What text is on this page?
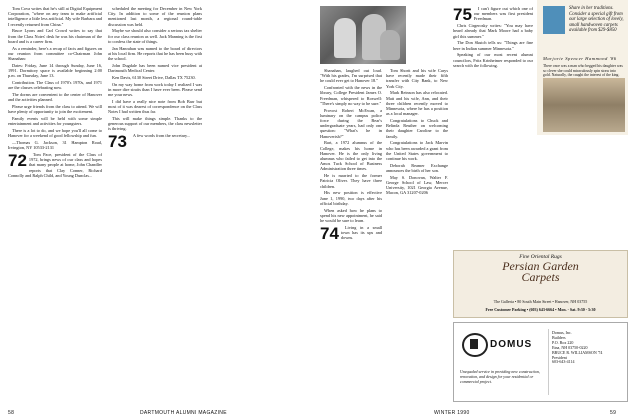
Tom Cova writes that he's still at Digital Equipment Corporation, "where on any team to make artificial intelligence a little less artificial. My wife Barbara and I recently returned from China."

Bruce Lyons and Carl Crowd writes to say that from the Class Notes' desk he was his chairman of the board and is a career firm.

As a reminder, here's a recap of facts and figures on our reunion from committee co-Chairman John Shanahan:

Dates: Friday, June 14 through Sunday, June 16, 1991. Dormitory space is available beginning 2:00 p.m. on Thursday, June 13.

Contribution. The Class of 1970's 1970s, and 1971 are the classes celebrating now.

The dorms are convenient to the center of Hanover and the activities planned.

Please urge friends from the class to attend. We will have plenty of opportunity to join the excitement.

Family events will be held with some simple entertainment and activities for youngsters.

There is a lot to do, and we hope you'll all come to Hanover for a weekend of good fellowship and fun.

—Thomas G. Jackson, 31 Hampton Road, Irvington, NY 10533-2131

72	Tom Pace, president of the Class of 1972, brings news of our class and hopes that many people at home, John Chandler reports that Clay Conner, Richard Connolly and Ralph Child, and Young Dunclas...

scheduled the meeting for December in New York City. In addition to some of the reunion plans mentioned last month, a regional round-table discussion was held.

Maybe we should also consider a serious tax shelter for our class reunion as well. Jack Manning is the first to confess the state of things.

Jan Hanrahan was named to the board of directors at his local firm. He reports that he has been busy with the school.

John Dugdale has been named vice president at Dartmouth Medical Center.

Ken Davis, 6130 Street Drive, Dallas TX 75230.

On my way home from work today I realized I was in more dire straits than I have ever been. Please send me your news.

I did have a really nice note from Bob Barr but most of it was dearest of correspondence on the Class Notes I had written thus far.

This will make things simple. Thanks to the generous support of our members, the class newsletter is thriving.

73	A few words from the secretary...

58	DARTMOUTH ALUMNI MAGAZINE

Shanahan, laughed out loud. "With his grades, I'm surprised that he could ever get to Hanover 18."

Confronted with the news in the library, College President James O. Freedman, whispered to Roswell: "There's simply no way to be sure."

Provost Robert McEwan, a luminary on the campus police force during the Bear's undergraduate years, had only one question: "What's he in Hanoverish?"

Bart, a 1972 alumnus of the College, makes his home in Hanover. He is the only living alumnus who failed to get into the Amos Tuck School of Business Administration three times.

He is married to the former Patricia Oliver. They have three children.

His new position is effective June 1, 1990, two days after his official birthday.

When asked how he plans to spend his new appointment, he said he would be sure to learn.

74	Living in a small town has its ups and downs.

Tom Shortt and his wife Carys have recently made their fifth transfer with City Bank, to New York City.

Mark Reinson has also relocated. Matt and his wife, Ann, and their three children recently moved to Minnesota, where he has a position as a local manager.

Congratulations to Chuck and Belinda Reuther on welcoming their daughter Caroline to the family.

Congratulations to Jack Marvin who has been awarded a grant from the United States government to continue his work.

Deborah Reamer Exchange announces the birth of her son.

May S. Donovan, Walter F. George School of Law, Mercer University, 1021 Georgia Avenue, Macon, GA 31207-0206

75	I can't figure out which one of our members was first president Freedman.

Chris Cirgerosky writes: "You may have heard already that Mark Moore had a baby girl this summer."

The Don Skutch tells us: "Things are fine here in Indian summer Minnesota."

Speaking of our most recent alumni councilors, Fritz Krinheimer responded to our search with the following.

Share in her traditions. Consider a special gift from our large selection of lovely, small handwoven carpets available from $29-$850
Marjorie Spencer Hammond '86
There once was a man who begged his daughter was so clever she could miraculously spin straw into gold. Naturally, the caught the interest of the king.
Fine Oriental Rugs
Persian Garden
Carpets
The Galleria • 80 South Main Street • Hanover, NH 03755
Free Customer Parking • (603) 643-6664 • Mon. - Sat. 9:30 - 5:30
DOMUS
Unequaled service in providing new construction, renovation, and design for your residential or commercial project.
Domus, Inc.
Builders
P.O. Box 220
Etna, NH 03750-0220
BRUCE R. WILLIAMSON '74
President
603-643-4114
WINTER 1990	59
